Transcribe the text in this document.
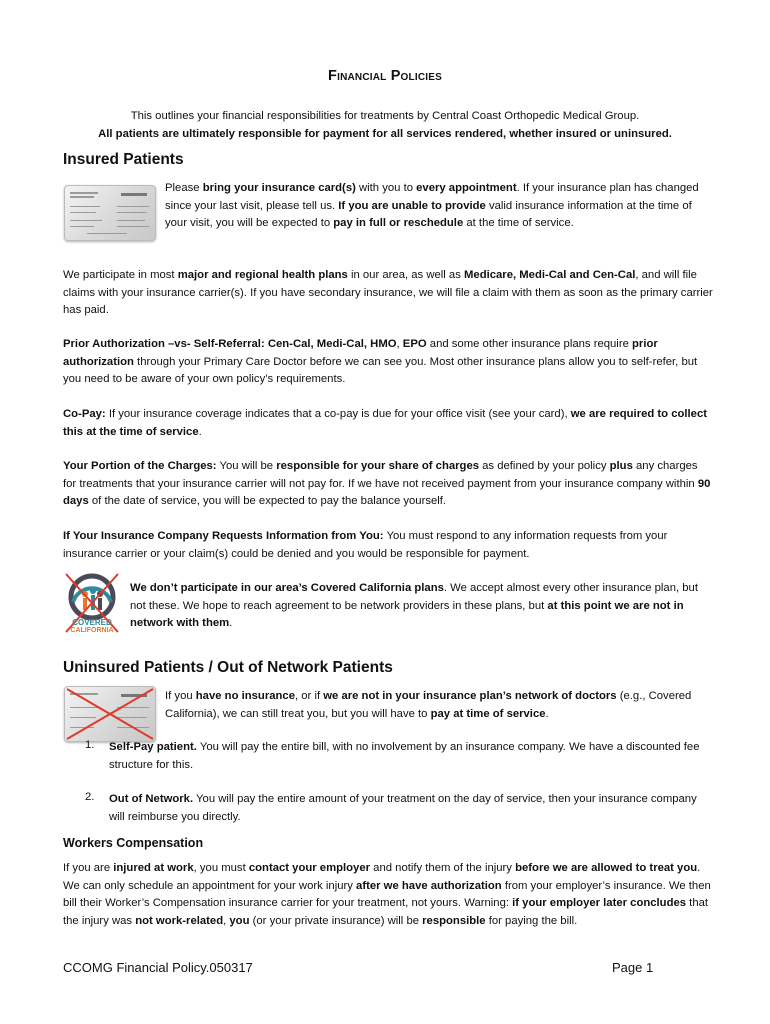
Financial Policies
This outlines your financial responsibilities for treatments by Central Coast Orthopedic Medical Group.
All patients are ultimately responsible for payment for all services rendered, whether insured or uninsured.
Insured Patients
Please bring your insurance card(s) with you to every appointment. If your insurance plan has changed since your last visit, please tell us. If you are unable to provide valid insurance information at the time of your visit, you will be expected to pay in full or reschedule at the time of service.
We participate in most major and regional health plans in our area, as well as Medicare, Medi-Cal and Cen-Cal, and will file claims with your insurance carrier(s). If you have secondary insurance, we will file a claim with them as soon as the primary carrier has paid.
Prior Authorization –vs- Self-Referral: Cen-Cal, Medi-Cal, HMO, EPO and some other insurance plans require prior authorization through your Primary Care Doctor before we can see you. Most other insurance plans allow you to self-refer, but you need to be aware of your own policy’s requirements.
Co-Pay: If your insurance coverage indicates that a co-pay is due for your office visit (see your card), we are required to collect this at the time of service.
Your Portion of the Charges: You will be responsible for your share of charges as defined by your policy plus any charges for treatments that your insurance carrier will not pay for. If we have not received payment from your insurance company within 90 days of the date of service, you will be expected to pay the balance yourself.
If Your Insurance Company Requests Information from You: You must respond to any information requests from your insurance carrier or your claim(s) could be denied and you would be responsible for payment.
COVERED
CALIFORNIA
We don’t participate in our area’s Covered California plans. We accept almost every other insurance plan, but not these. We hope to reach agreement to be network providers in these plans, but at this point we are not in network with them.
Uninsured Patients / Out of Network Patients
If you have no insurance, or if we are not in your insurance plan’s network of doctors (e.g., Covered California), we can still treat you, but you will have to pay at time of service.
1. Self-Pay patient. You will pay the entire bill, with no involvement by an insurance company. We have a discounted fee structure for this.
2. Out of Network. You will pay the entire amount of your treatment on the day of service, then your insurance company will reimburse you directly.
Workers Compensation
If you are injured at work, you must contact your employer and notify them of the injury before we are allowed to treat you. We can only schedule an appointment for your work injury after we have authorization from your employer’s insurance. We then bill their Worker’s Compensation insurance carrier for your treatment, not yours. Warning: if your employer later concludes that the injury was not work-related, you (or your private insurance) will be responsible for paying the bill.
CCOMG Financial Policy.050317	Page 1
